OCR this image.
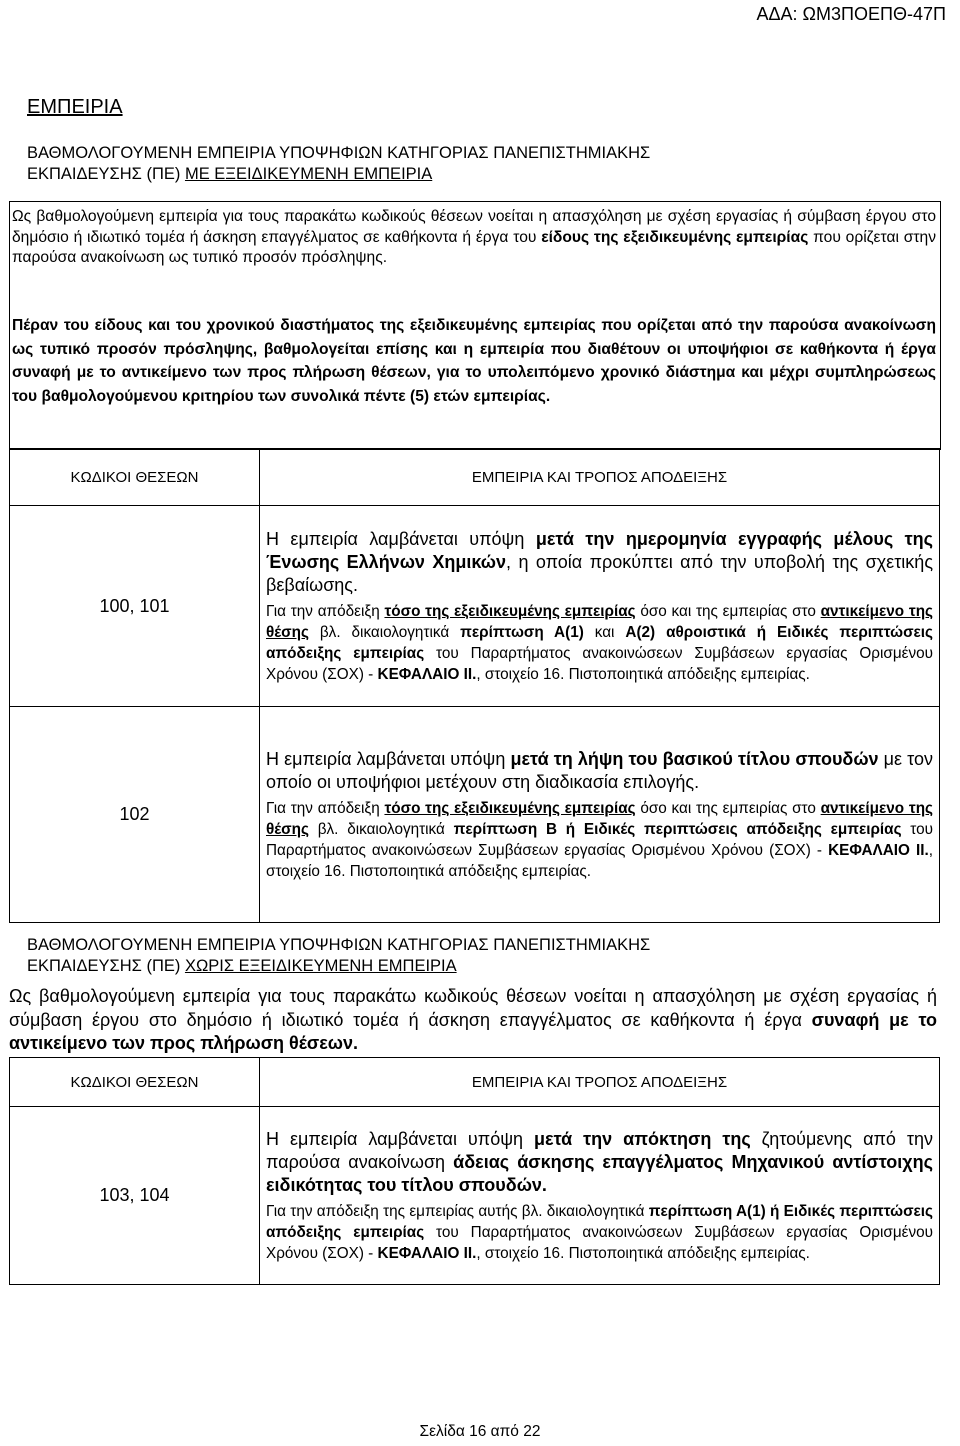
ΑΔΑ: ΩΜ3ΠΟΕΠΘ-47Π
ΕΜΠΕΙΡΙΑ
ΒΑΘΜΟΛΟΓΟΥΜΕΝΗ ΕΜΠΕΙΡΙΑ ΥΠΟΨΗΦΙΩΝ ΚΑΤΗΓΟΡΙΑΣ ΠΑΝΕΠΙΣΤΗΜΙΑΚΗΣ
ΕΚΠΑΙΔΕΥΣΗΣ (ΠΕ) ΜΕ ΕΞΕΙΔΙΚΕΥΜΕΝΗ ΕΜΠΕΙΡΙΑ

Ως βαθμολογούμενη εμπειρία για τους παρακάτω κωδικούς θέσεων νοείται η απασχόληση με σχέση εργασίας ή σύμβαση έργου στο δημόσιο ή ιδιωτικό τομέα ή άσκηση επαγγέλματος σε καθήκοντα ή έργα του είδους της εξειδικευμένης εμπειρίας που ορίζεται στην παρούσα ανακοίνωση ως τυπικό προσόν πρόσληψης.

Πέραν του είδους και του χρονικού διαστήματος της εξειδικευμένης εμπειρίας που ορίζεται από την παρούσα ανακοίνωση ως τυπικό προσόν πρόσληψης, βαθμολογείται επίσης και η εμπειρία που διαθέτουν οι υποψήφιοι σε καθήκοντα ή έργα συναφή με το αντικείμενο των προς πλήρωση θέσεων, για το υπολειπόμενο χρονικό διάστημα και μέχρι συμπληρώσεως του βαθμολογούμενου κριτηρίου των συνολικά πέντε (5) ετών εμπειρίας.

ΚΩΔΙΚΟΙ ΘΕΣΕΩΝ	ΕΜΠΕΙΡΙΑ ΚΑΙ ΤΡΟΠΟΣ ΑΠΟΔΕΙΞΗΣ
100, 101	Η εμπειρία λαμβάνεται υπόψη μετά την ημερομηνία εγγραφής μέλους της Ένωσης Ελλήνων Χημικών, η οποία προκύπτει από την υποβολή της σχετικής βεβαίωσης.

Για την απόδειξη τόσο της εξειδικευμένης εμπειρίας όσο και της εμπειρίας στο αντικείμενο της θέσης βλ. δικαιολογητικά περίπτωση Α(1) και Α(2) αθροιστικά ή Ειδικές περιπτώσεις απόδειξης εμπειρίας του Παραρτήματος ανακοινώσεων Συμβάσεων εργασίας Ορισμένου Χρόνου (ΣΟΧ) - ΚΕΦΑΛΑΙΟ ΙΙ., στοιχείο 16. Πιστοποιητικά απόδειξης εμπειρίας.

102	Η εμπειρία λαμβάνεται υπόψη μετά τη λήψη του βασικού τίτλου σπουδών με τον οποίο οι υποψήφιοι μετέχουν στη διαδικασία επιλογής.

Για την απόδειξη τόσο της εξειδικευμένης εμπειρίας όσο και της εμπειρίας στο αντικείμενο της θέσης βλ. δικαιολογητικά περίπτωση Β ή Ειδικές περιπτώσεις απόδειξης εμπειρίας του Παραρτήματος ανακοινώσεων Συμβάσεων εργασίας Ορισμένου Χρόνου (ΣΟΧ) - ΚΕΦΑΛΑΙΟ ΙΙ., στοιχείο 16. Πιστοποιητικά απόδειξης εμπειρίας.

ΒΑΘΜΟΛΟΓΟΥΜΕΝΗ ΕΜΠΕΙΡΙΑ ΥΠΟΨΗΦΙΩΝ ΚΑΤΗΓΟΡΙΑΣ ΠΑΝΕΠΙΣΤΗΜΙΑΚΗΣ
ΕΚΠΑΙΔΕΥΣΗΣ (ΠΕ) ΧΩΡΙΣ ΕΞΕΙΔΙΚΕΥΜΕΝΗ ΕΜΠΕΙΡΙΑ

Ως βαθμολογούμενη εμπειρία για τους παρακάτω κωδικούς θέσεων νοείται η απασχόληση με σχέση εργασίας ή σύμβαση έργου στο δημόσιο ή ιδιωτικό τομέα ή άσκηση επαγγέλματος σε καθήκοντα ή έργα συναφή με το αντικείμενο των προς πλήρωση θέσεων.

ΚΩΔΙΚΟΙ ΘΕΣΕΩΝ	ΕΜΠΕΙΡΙΑ ΚΑΙ ΤΡΟΠΟΣ ΑΠΟΔΕΙΞΗΣ
103, 104	Η εμπειρία λαμβάνεται υπόψη μετά την απόκτηση της ζητούμενης από την παρούσα ανακοίνωση άδειας άσκησης επαγγέλματος Μηχανικού αντίστοιχης ειδικότητας του τίτλου σπουδών.

Για την απόδειξη της εμπειρίας αυτής βλ. δικαιολογητικά περίπτωση Α(1) ή Ειδικές περιπτώσεις απόδειξης εμπειρίας του Παραρτήματος ανακοινώσεων Συμβάσεων εργασίας Ορισμένου Χρόνου (ΣΟΧ) - ΚΕΦΑΛΑΙΟ ΙΙ., στοιχείο 16. Πιστοποιητικά απόδειξης εμπειρίας.

Σελίδα 16 από 22
